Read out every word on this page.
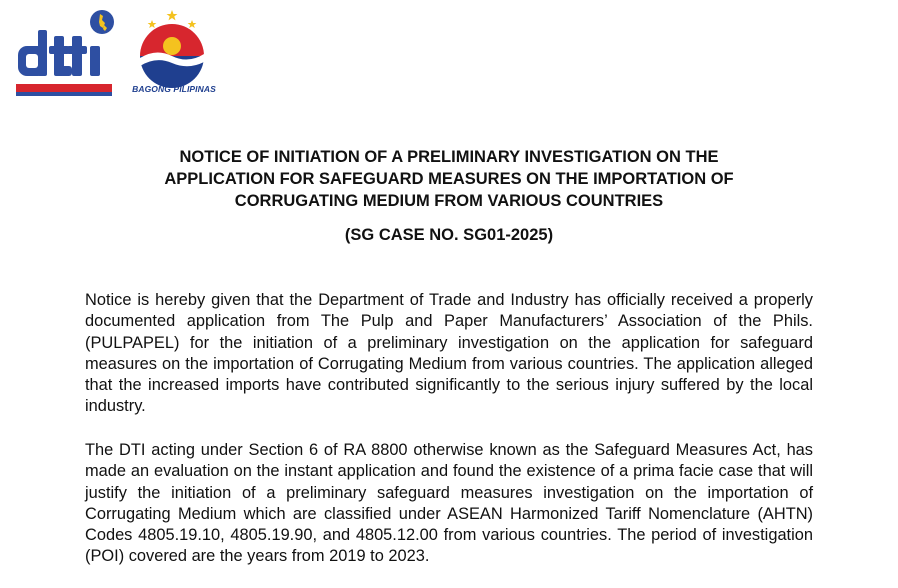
BAGONG PILIPINAS
NOTICE OF INITIATION OF A PRELIMINARY INVESTIGATION ON THE
APPLICATION FOR SAFEGUARD MEASURES ON THE IMPORTATION OF
CORRUGATING MEDIUM FROM VARIOUS COUNTRIES
(SG CASE NO. SG01-2025)

Notice is hereby given that the Department of Trade and Industry has officially received a properly documented application from The Pulp and Paper Manufacturers’ Association of the Phils. (PULPAPEL) for the initiation of a preliminary investigation on the application for safeguard measures on the importation of Corrugating Medium from various countries. The application alleged that the increased imports have contributed significantly to the serious injury suffered by the local industry.

The DTI acting under Section 6 of RA 8800 otherwise known as the Safeguard Measures Act, has made an evaluation on the instant application and found the existence of a prima facie case that will justify the initiation of a preliminary safeguard measures investigation on the importation of Corrugating Medium which are classified under ASEAN Harmonized Tariff Nomenclature (AHTN) Codes 4805.19.10, 4805.19.90, and 4805.12.00 from various countries. The period of investigation (POI) covered are the years from 2019 to 2023.
